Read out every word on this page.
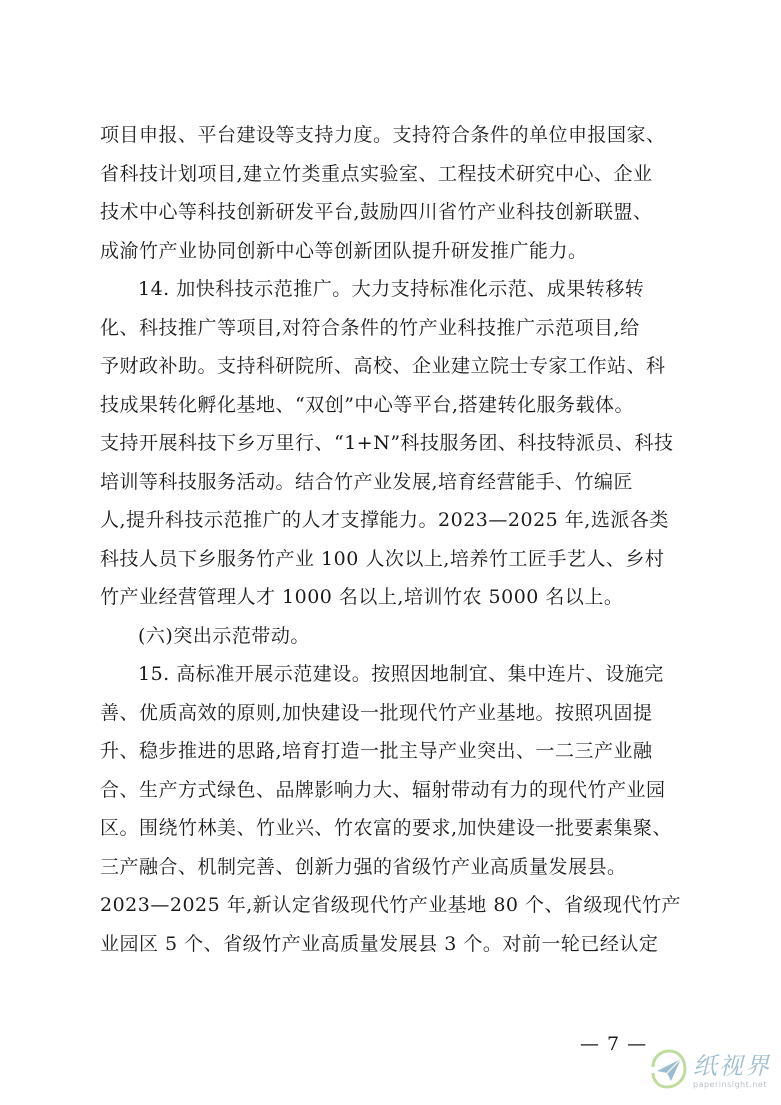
项目申报、平台建设等支持力度。支持符合条件的单位申报国家、
省科技计划项目,建立竹类重点实验室、工程技术研究中心、企业
技术中心等科技创新研发平台,鼓励四川省竹产业科技创新联盟、
成渝竹产业协同创新中心等创新团队提升研发推广能力。
14. 加快科技示范推广。大力支持标准化示范、成果转移转
化、科技推广等项目,对符合条件的竹产业科技推广示范项目,给
予财政补助。支持科研院所、高校、企业建立院士专家工作站、科
技成果转化孵化基地、“双创”中心等平台,搭建转化服务载体。
支持开展科技下乡万里行、“1+N”科技服务团、科技特派员、科技
培训等科技服务活动。结合竹产业发展,培育经营能手、竹编匠
人,提升科技示范推广的人才支撑能力。2023—2025 年,选派各类
科技人员下乡服务竹产业 100 人次以上,培养竹工匠手艺人、乡村
竹产业经营管理人才 1000 名以上,培训竹农 5000 名以上。
(六)突出示范带动。
15. 高标准开展示范建设。按照因地制宜、集中连片、设施完
善、优质高效的原则,加快建设一批现代竹产业基地。按照巩固提
升、稳步推进的思路,培育打造一批主导产业突出、一二三产业融
合、生产方式绿色、品牌影响力大、辐射带动有力的现代竹产业园
区。围绕竹林美、竹业兴、竹农富的要求,加快建设一批要素集聚、
三产融合、机制完善、创新力强的省级竹产业高质量发展县。
2023—2025 年,新认定省级现代竹产业基地 80 个、省级现代竹产
业园区 5 个、省级竹产业高质量发展县 3 个。对前一轮已经认定
— 7 —
纸视界
paperinsight.net
